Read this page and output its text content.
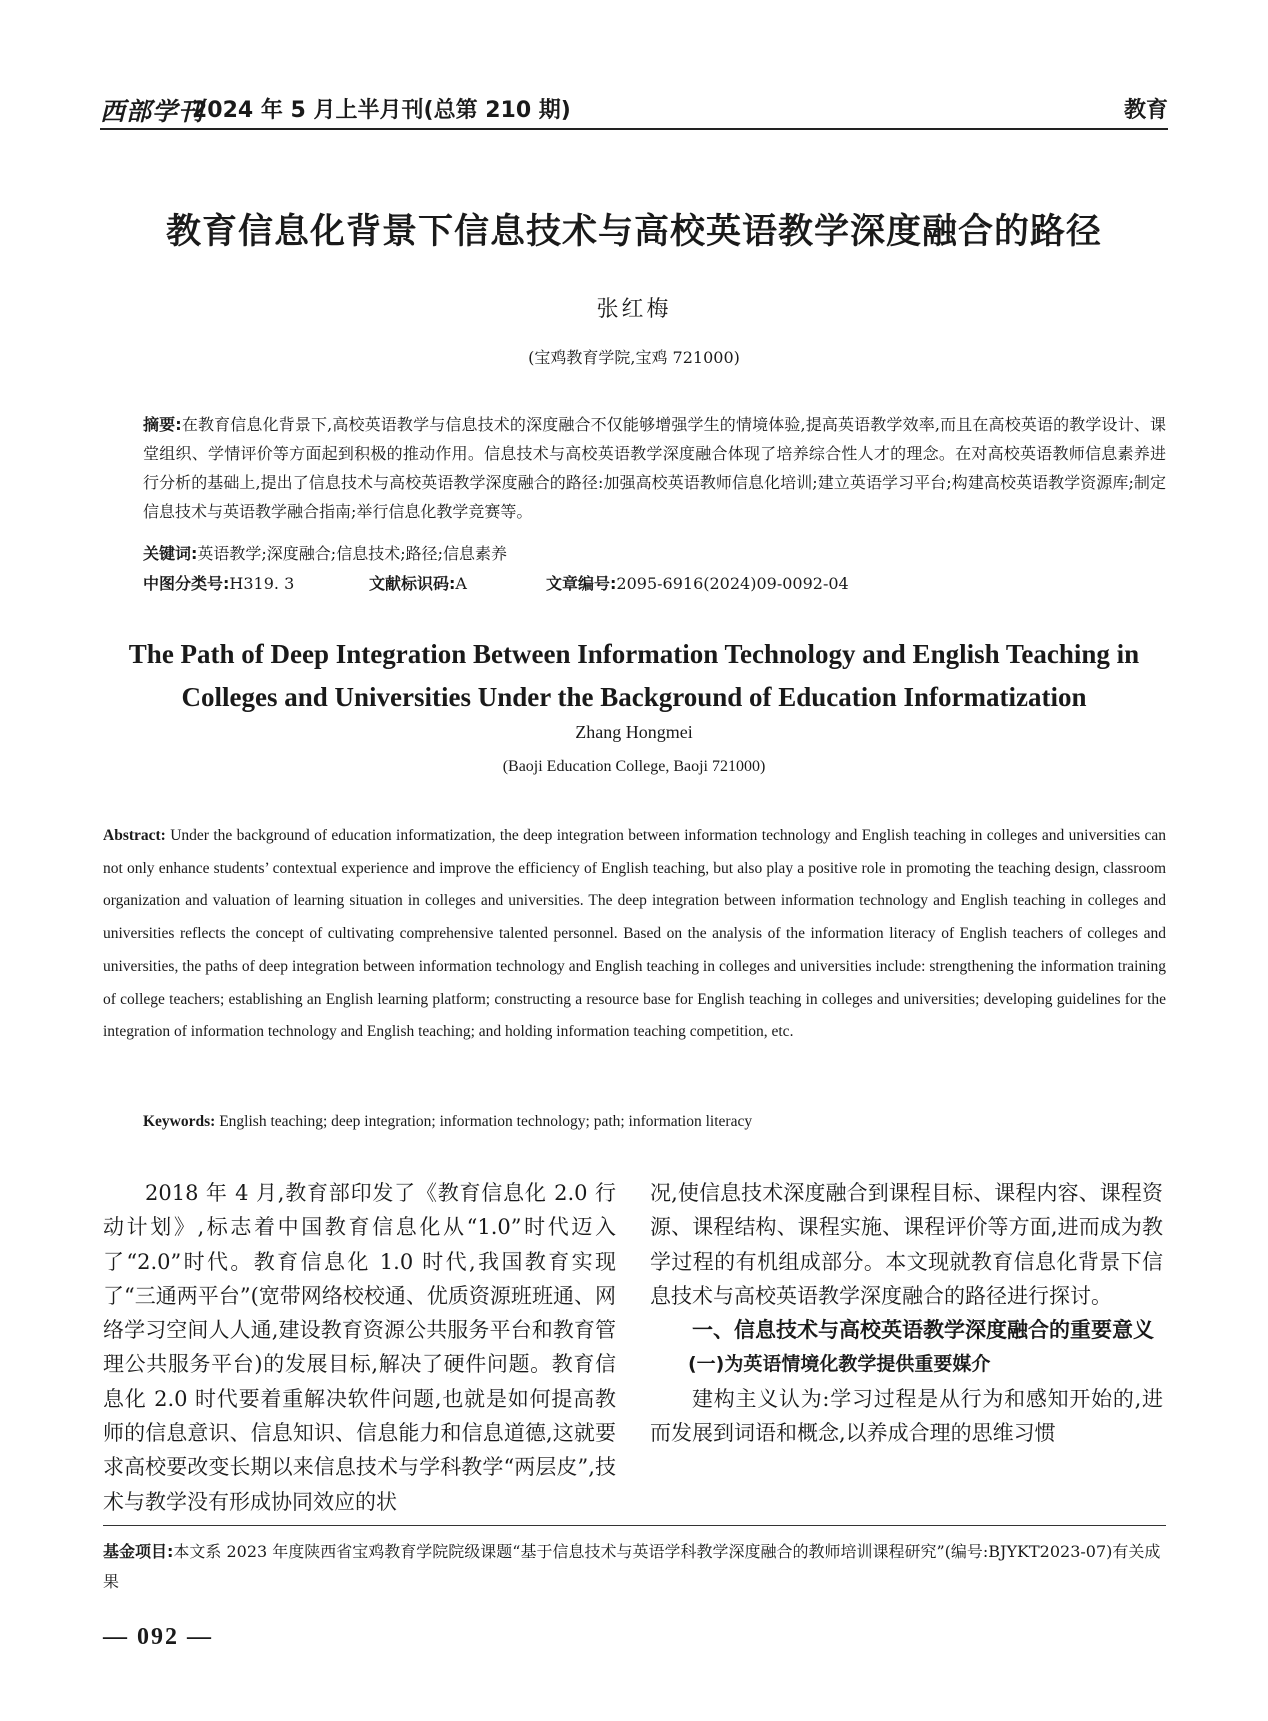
西部学刊
2024 年 5 月上半月刊(总第 210 期)	教育
教育信息化背景下信息技术与高校英语教学深度融合的路径
张红梅
(宝鸡教育学院,宝鸡 721000)
摘要:在教育信息化背景下,高校英语教学与信息技术的深度融合不仅能够增强学生的情境体验,提高英语教学效率,而且在高校英语的教学设计、课堂组织、学情评价等方面起到积极的推动作用。信息技术与高校英语教学深度融合体现了培养综合性人才的理念。在对高校英语教师信息素养进行分析的基础上,提出了信息技术与高校英语教学深度融合的路径:加强高校英语教师信息化培训;建立英语学习平台;构建高校英语教学资源库;制定信息技术与英语教学融合指南;举行信息化教学竞赛等。
关键词:英语教学;深度融合;信息技术;路径;信息素养
中图分类号:H319. 3	文献标识码:A	文章编号:2095-6916(2024)09-0092-04
The Path of Deep Integration Between Information Technology and English Teaching in Colleges and Universities Under the Background of Education Informatization
Zhang Hongmei
(Baoji Education College, Baoji 721000)
Abstract: Under the background of education informatization, the deep integration between information technology and English teaching in colleges and universities can not only enhance students’ contextual experience and improve the efficiency of English teaching, but also play a positive role in promoting the teaching design, classroom organization and valuation of learning situation in colleges and universities. The deep integration between information technology and English teaching in colleges and universities reflects the concept of cultivating comprehensive talented personnel. Based on the analysis of the information literacy of English teachers of colleges and universities, the paths of deep integration between information technology and English teaching in colleges and universities include: strengthening the information training of college teachers; establishing an English learning platform; constructing a resource base for English teaching in colleges and universities; developing guidelines for the integration of information technology and English teaching; and holding information teaching competition, etc.
Keywords: English teaching; deep integration; information technology; path; information literacy

2018 年 4 月,教育部印发了《教育信息化 2.0 行动计划》,标志着中国教育信息化从“1.0”时代迈入了“2.0”时代。教育信息化 1.0 时代,我国教育实现了“三通两平台”(宽带网络校校通、优质资源班班通、网络学习空间人人通,建设教育资源公共服务平台和教育管理公共服务平台)的发展目标,解决了硬件问题。教育信息化 2.0 时代要着重解决软件问题,也就是如何提高教师的信息意识、信息知识、信息能力和信息道德,这就要求高校要改变长期以来信息技术与学科教学“两层皮”,技术与教学没有形成协同效应的状

况,使信息技术深度融合到课程目标、课程内容、课程资源、课程结构、课程实施、课程评价等方面,进而成为教学过程的有机组成部分。本文现就教育信息化背景下信息技术与高校英语教学深度融合的路径进行探讨。

一、信息技术与高校英语教学深度融合的重要意义
(一)为英语情境化教学提供重要媒介

建构主义认为:学习过程是从行为和感知开始的,进而发展到词语和概念,以养成合理的思维习惯

基金项目:本文系 2023 年度陕西省宝鸡教育学院院级课题“基于信息技术与英语学科教学深度融合的教师培训课程研究”(编号:BJYKT2023-07)有关成果
— 092 —
